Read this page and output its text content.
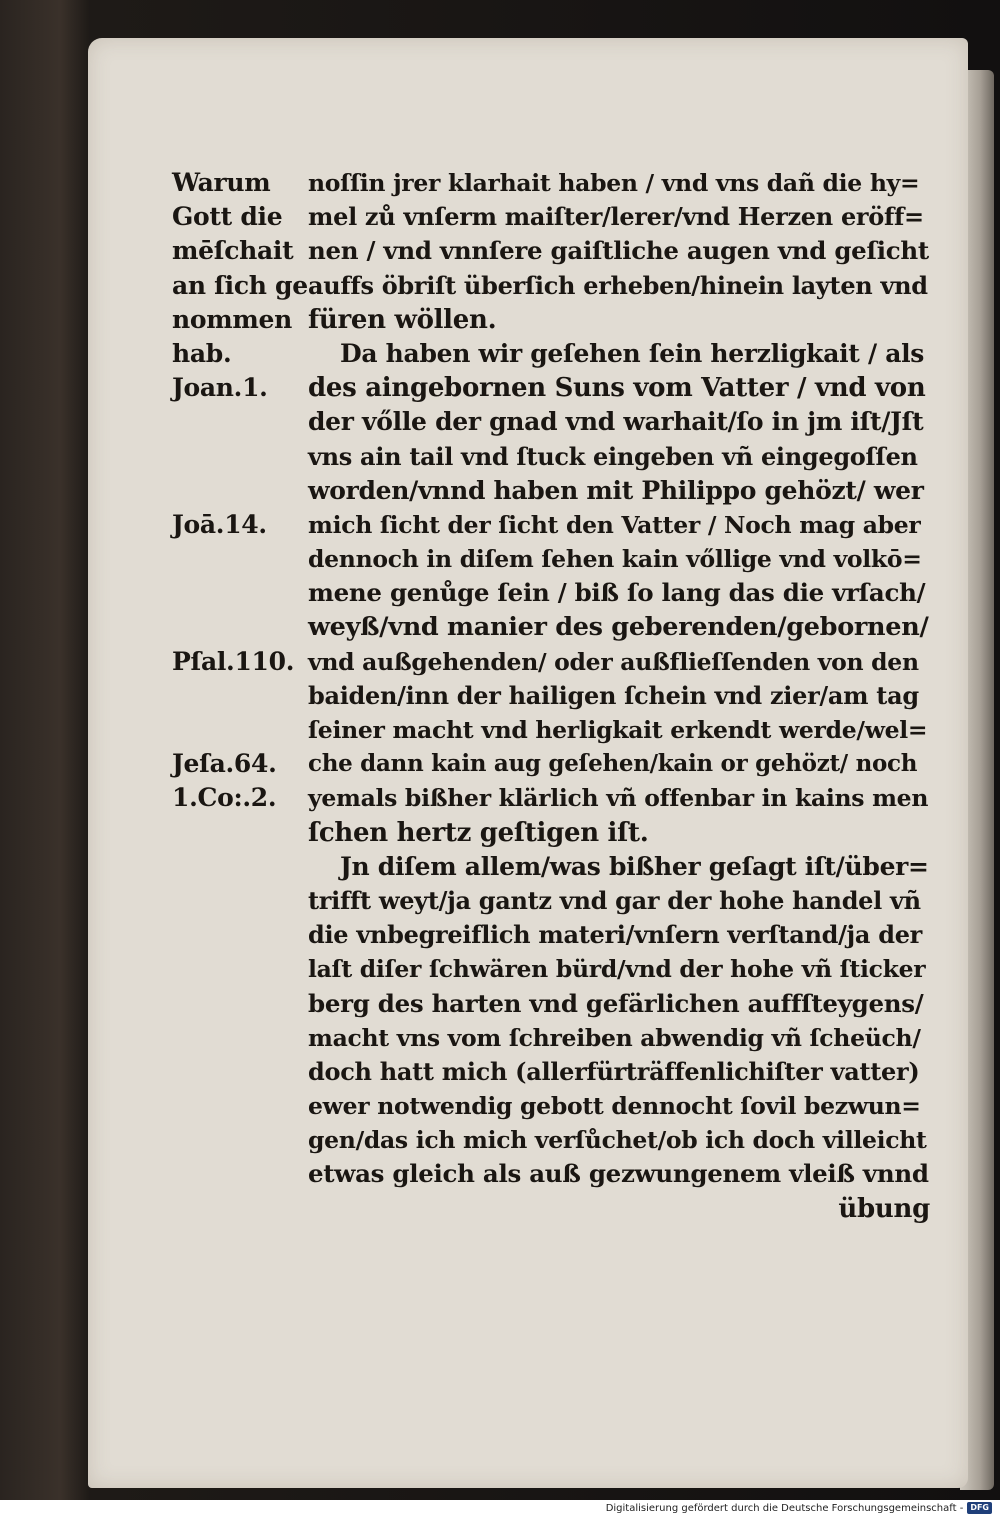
Warum
Gott die
mēſchait
an ſich ge
nommen
hab.
Joan.1.
Joā.14.
Pſal.110.
Jeſa.64.
1.Co:.2.
noſſin jrer klarhait haben / vnd vns dañ die hy=
mel zů vnſerm maiſter/lerer/vnd Herzen eröff=
nen / vnd vnnſere gaiſtliche augen vnd geſicht
auffs öbriſt überſich erheben/hinein layten vnd
füren wöllen.
Da haben wir geſehen ſein herzligkait / als
des aingebornen Suns vom Vatter / vnd von
der vőlle der gnad vnd warhait/ſo in jm iſt/Jſt
vns ain tail vnd ſtuck eingeben vñ eingegoſſen
worden/vnnd haben mit Philippo gehözt/ wer
mich ſicht der ſicht den Vatter / Noch mag aber
dennoch in diſem ſehen kain vőllige vnd volkō=
mene genůge ſein / biß ſo lang das die vrſach/
weyß/vnd manier des geberenden/gebornen/
vnd außgehenden/ oder außflieſſenden von den
baiden/inn der hailigen ſchein vnd zier/am tag
ſeiner macht vnd herligkait erkendt werde/wel=
che dann kain aug geſehen/kain or gehözt/ noch
yemals bißher klärlich vñ offenbar in kains men
ſchen hertz geſtigen iſt.
Jn diſem allem/was bißher geſagt iſt/über=
trifft weyt/ja gantz vnd gar der hohe handel vñ
die vnbegreiflich materi/vnſern verſtand/ja der
laſt diſer ſchwären bürd/vnd der hohe vñ ſticker
berg des harten vnd gefärlichen auffſteygens/
macht vns vom ſchreiben abwendig vñ ſcheüch/
doch hatt mich (allerfürträffenlichiſter vatter)
ewer notwendig gebott dennocht ſovil bezwun=
gen/das ich mich verſůchet/ob ich doch villeicht
etwas gleich als auß gezwungenem vleiß vnnd
übung
Digitalisierung gefördert durch die Deutsche Forschungsgemeinschaft - DFG
